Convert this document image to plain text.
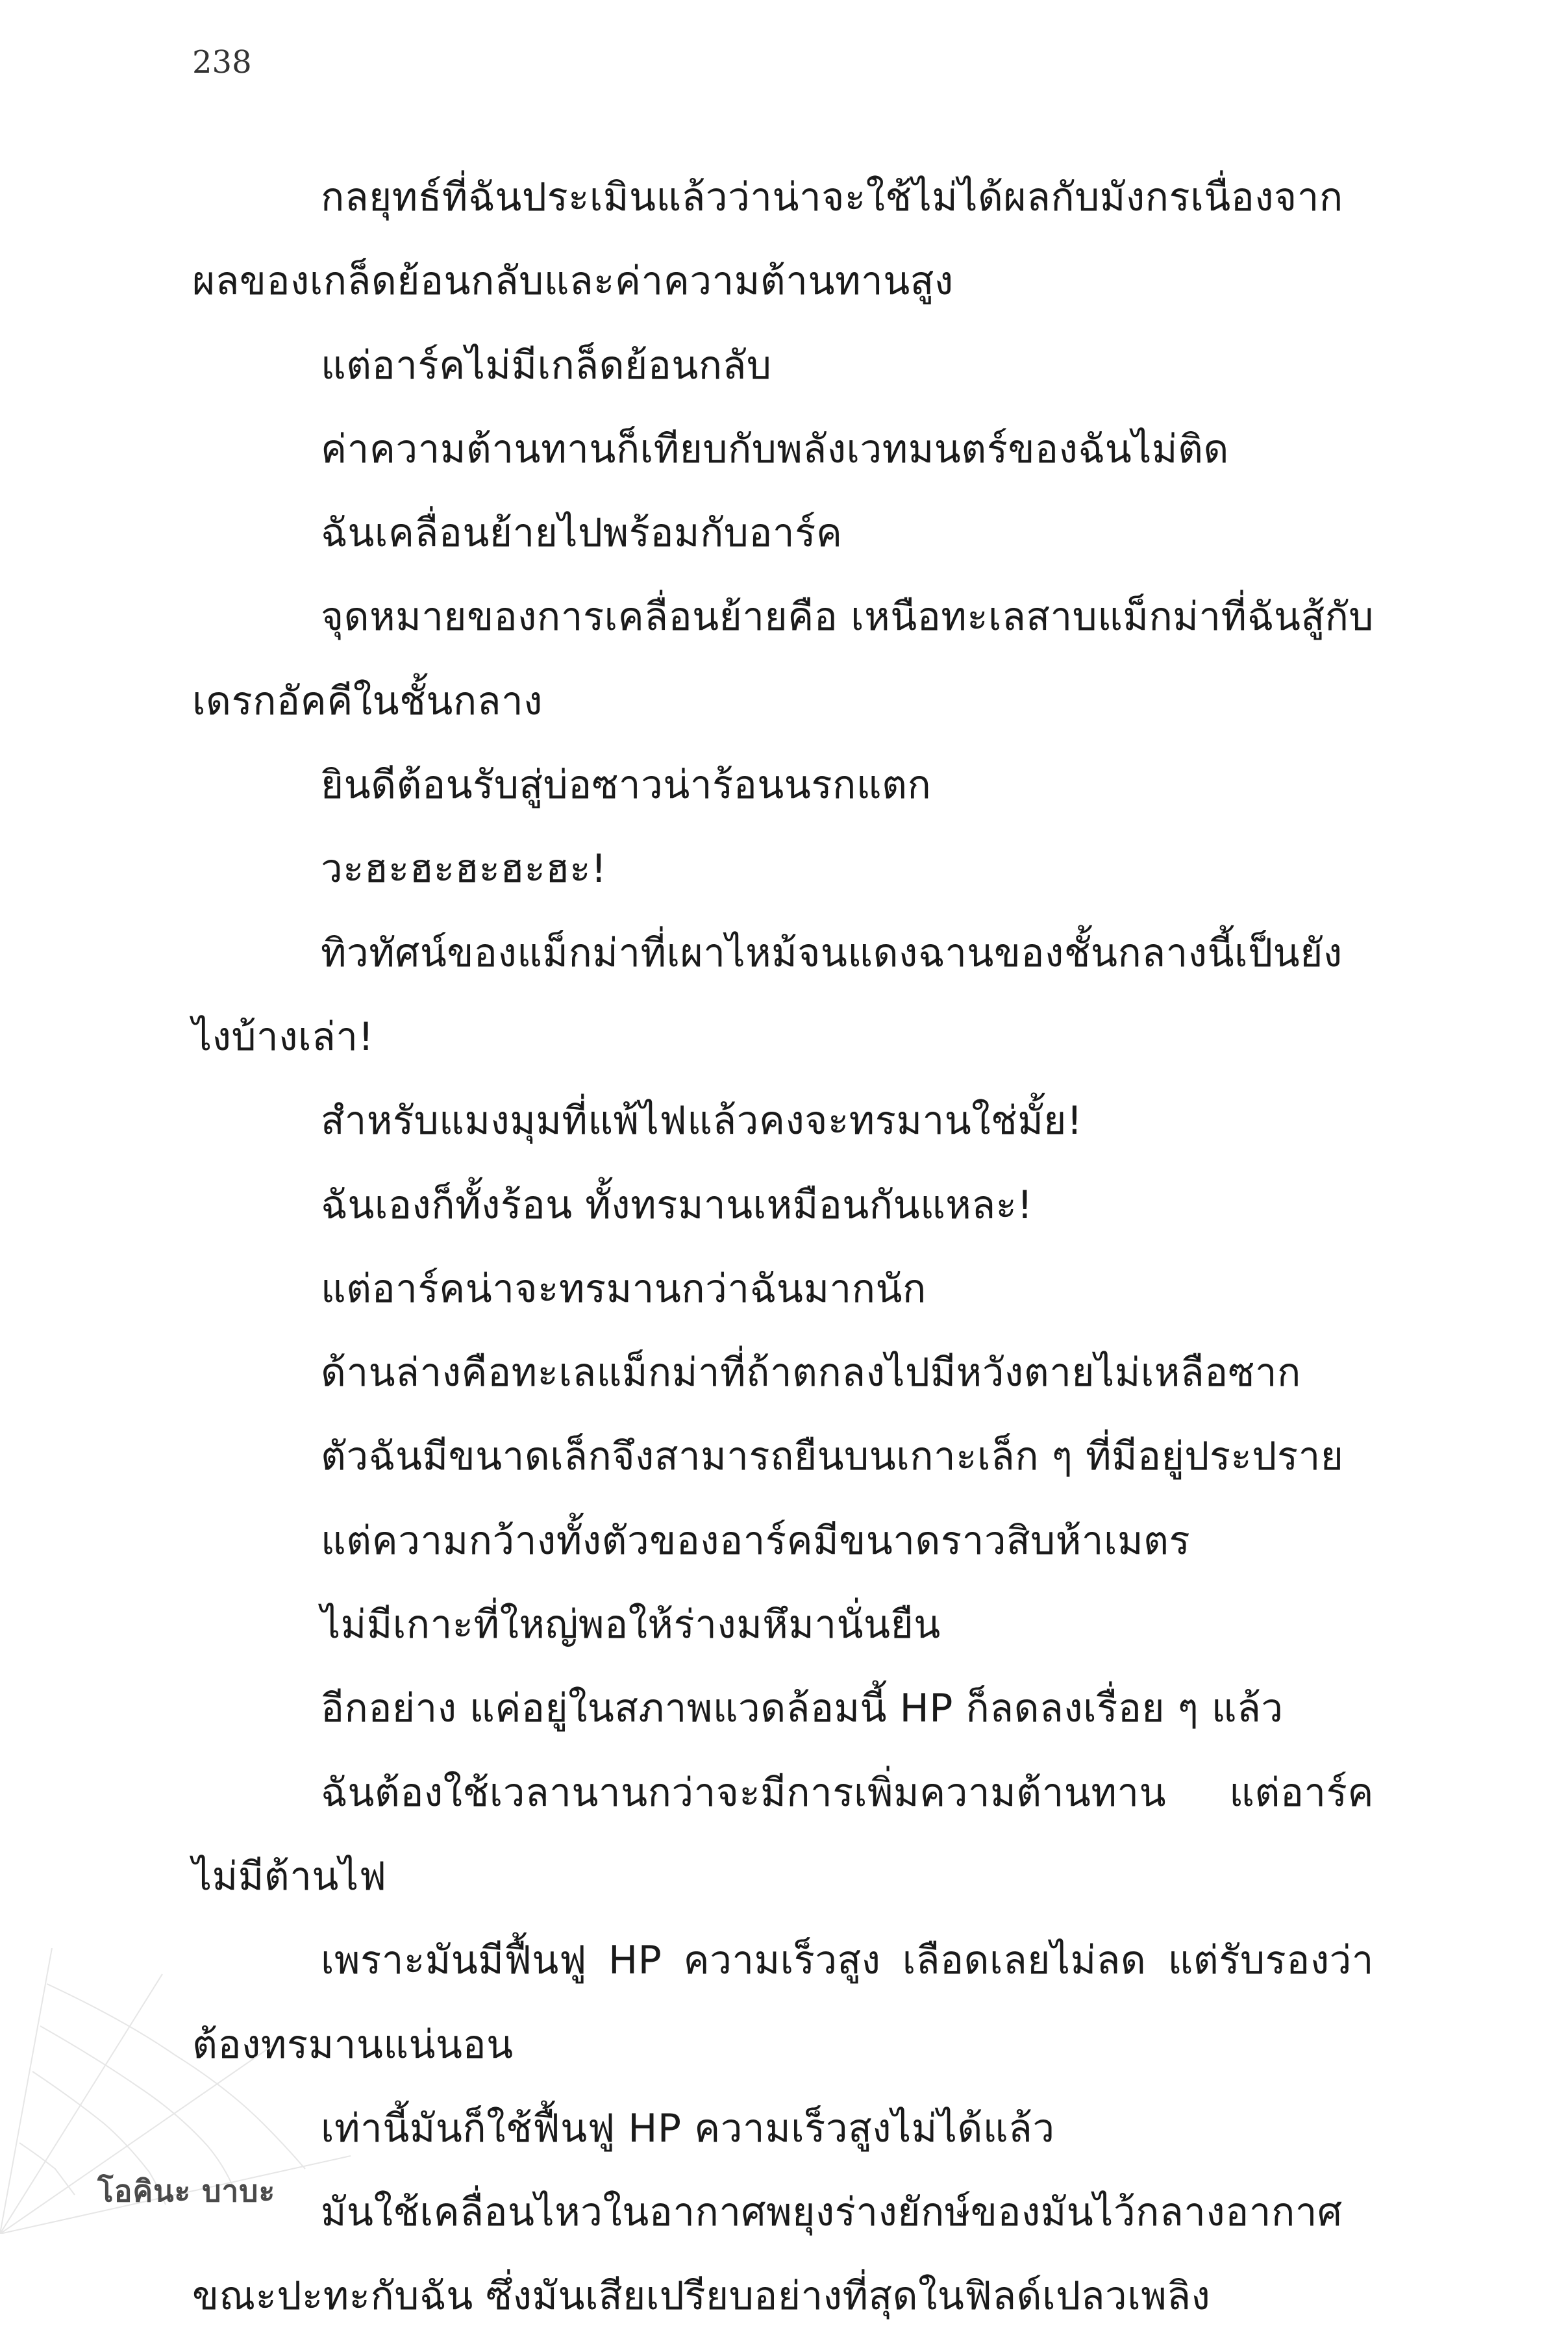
238

กลยุทธ์ที่ฉันประเมินแล้วว่าน่าจะใช้ไม่ได้ผลกับมังกรเนื่องจากผลของเกล็ดย้อนกลับและค่าความต้านทานสูง

แต่อาร์คไม่มีเกล็ดย้อนกลับ

ค่าความต้านทานก็เทียบกับพลังเวทมนตร์ของฉันไม่ติด

ฉันเคลื่อนย้ายไปพร้อมกับอาร์ค

จุดหมายของการเคลื่อนย้ายคือ เหนือทะเลสาบแม็กม่าที่ฉันสู้กับเดรกอัคคีในชั้นกลาง

ยินดีต้อนรับสู่บ่อซาวน่าร้อนนรกแตก

วะฮะฮะฮะฮะฮะ!

ทิวทัศน์ของแม็กม่าที่เผาไหม้จนแดงฉานของชั้นกลางนี้เป็นยังไงบ้างเล่า!

สำหรับแมงมุมที่แพ้ไฟแล้วคงจะทรมานใช่มั้ย!

ฉันเองก็ทั้งร้อน ทั้งทรมานเหมือนกันแหละ!

แต่อาร์คน่าจะทรมานกว่าฉันมากนัก

ด้านล่างคือทะเลแม็กม่าที่ถ้าตกลงไปมีหวังตายไม่เหลือซาก

ตัวฉันมีขนาดเล็กจึงสามารถยืนบนเกาะเล็ก ๆ ที่มีอยู่ประปราย

แต่ความกว้างทั้งตัวของอาร์คมีขนาดราวสิบห้าเมตร

ไม่มีเกาะที่ใหญ่พอให้ร่างมหึมานั่นยืน

อีกอย่าง แค่อยู่ในสภาพแวดล้อมนี้ HP ก็ลดลงเรื่อย ๆ แล้ว

ฉันต้องใช้เวลานานกว่าจะมีการเพิ่มความต้านทาน แต่อาร์คไม่มีต้านไฟ

เพราะมันมีฟื้นฟู HP ความเร็วสูง เลือดเลยไม่ลด แต่รับรองว่าต้องทรมานแน่นอน

เท่านี้มันก็ใช้ฟื้นฟู HP ความเร็วสูงไม่ได้แล้ว

มันใช้เคลื่อนไหวในอากาศพยุงร่างยักษ์ของมันไว้กลางอากาศขณะปะทะกับฉัน ซึ่งมันเสียเปรียบอย่างที่สุดในฟิลด์เปลวเพลิง

โอคินะ บาบะ
